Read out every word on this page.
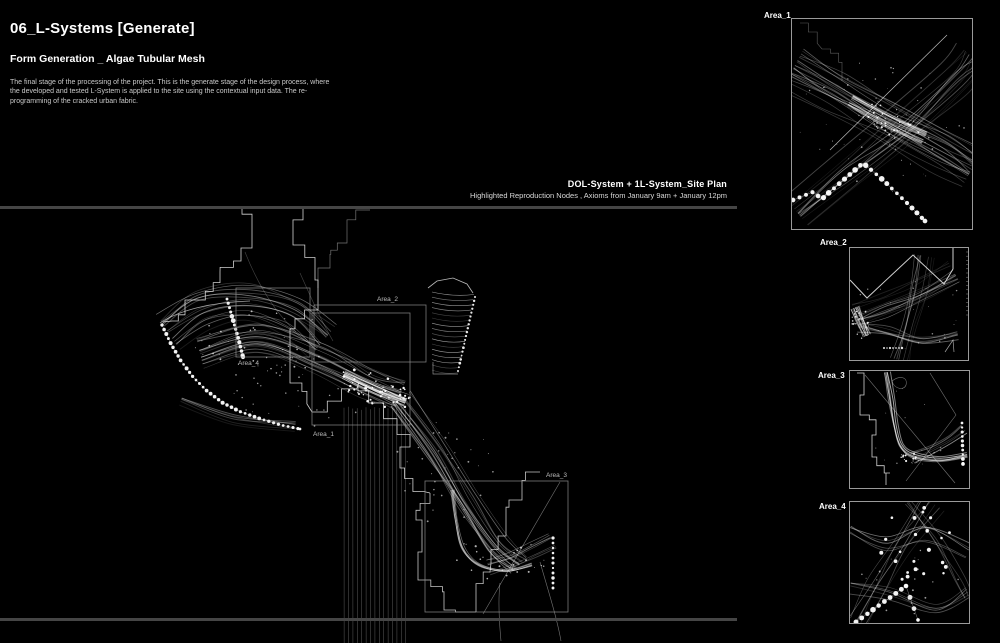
Area_4
Area_2
Area_1
Area_3
06_L-Systems [Generate]
Form Generation _ Algae Tubular Mesh

The final stage of the processing of the project. This is the generate stage of the design process, where the developed and tested L-System is applied to the site using the contextual input data. The re-programming of the cracked urban fabric.

DOL-System + 1L-System_Site Plan
Highlighted Reproduction Nodes , Axioms from January 9am + January 12pm
Area_1
Area_2
Area_3
Area_4
